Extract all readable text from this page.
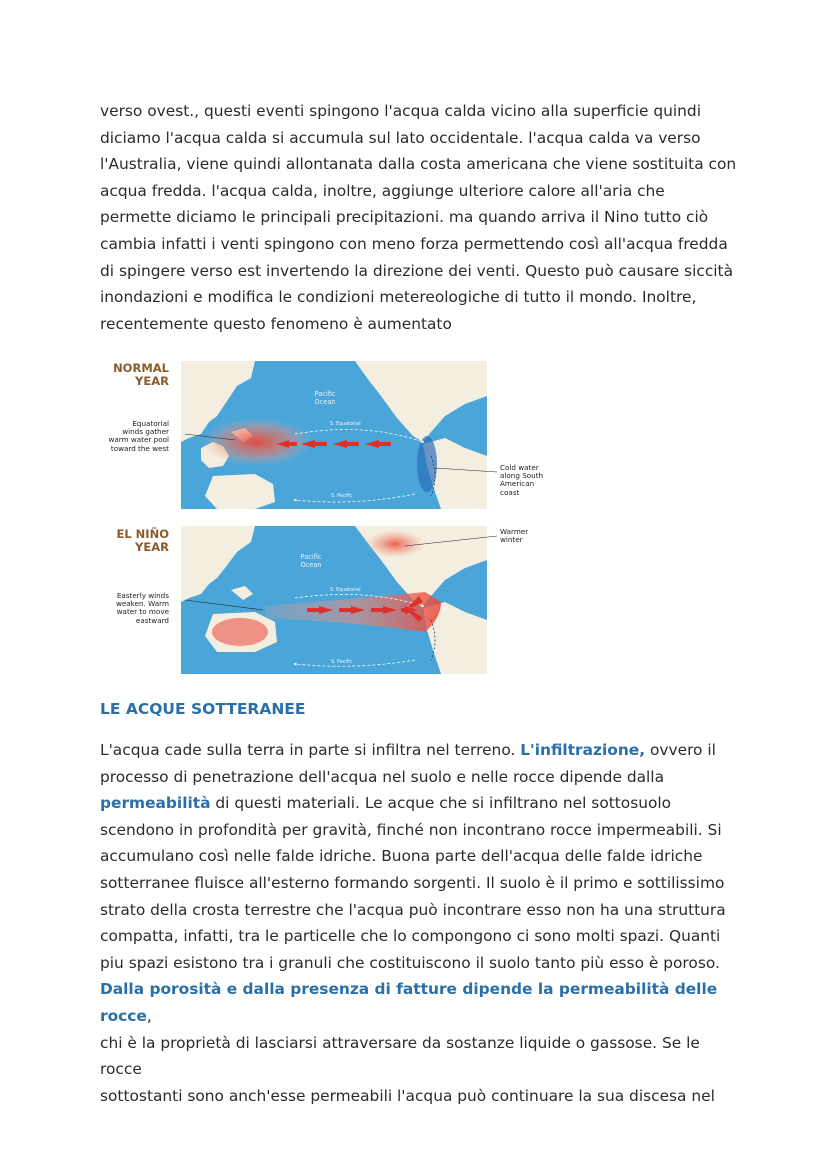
verso ovest., questi eventi spingono l'acqua calda vicino alla superficie quindi
diciamo l'acqua calda si accumula sul lato occidentale. l'acqua calda va verso
l'Australia, viene quindi allontanata dalla costa americana che viene sostituita con
acqua fredda. l'acqua calda, inoltre, aggiunge ulteriore calore all'aria che
permette diciamo le principali precipitazioni. ma quando arriva il Nino tutto ciò
cambia infatti i venti spingono con meno forza permettendo così all'acqua fredda
di spingere verso est invertendo la direzione dei venti. Questo può causare siccità
inondazioni e modifica le condizioni metereologiche di tutto il mondo. Inoltre,
recentemente questo fenomeno è aumentato
NORMAL
YEAR
Pacific
Ocean
S. Equatorial
S. Pacific
Equatorial
winds gather
warm water pool
toward the west
Cold water
along South
American
coast
EL NIÑO
YEAR
Pacific
Ocean
S. Equatorial
S. Pacific
Easterly winds
weaken. Warm
water to move
eastward
Warmer
winter
LE ACQUE SOTTERANEE
L'acqua cade sulla terra in parte si infiltra nel terreno. L'infiltrazione, ovvero il
processo di penetrazione dell'acqua nel suolo e nelle rocce dipende dalla
permeabilità di questi materiali. Le acque che si infiltrano nel sottosuolo
scendono in profondità per gravità, finché non incontrano rocce impermeabili. Si
accumulano così nelle falde idriche. Buona parte dell'acqua delle falde idriche
sotterranee fluisce all'esterno formando sorgenti. Il suolo è il primo e sottilissimo
strato della crosta terrestre che l'acqua può incontrare esso non ha una struttura
compatta, infatti, tra le particelle che lo compongono ci sono molti spazi. Quanti
piu spazi esistono tra i granuli che costituiscono il suolo tanto più esso è poroso.
Dalla porosità e dalla presenza di fatture dipende la permeabilità delle rocce,
chi è la proprietà di lasciarsi attraversare da sostanze liquide o gassose. Se le rocce
sottostanti sono anch'esse permeabili l'acqua può continuare la sua discesa nel
